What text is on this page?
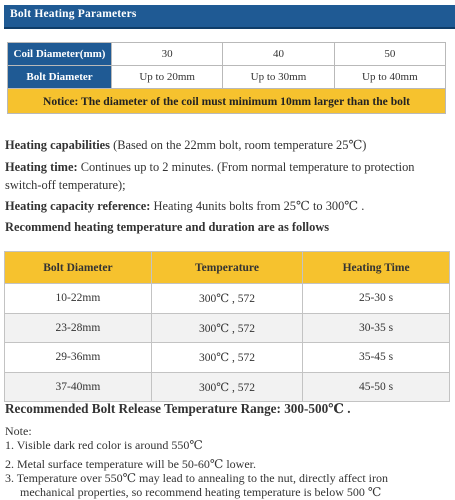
Bolt Heating Parameters
Coil Diameter(mm)	30	40	50
Bolt Diameter	Up to 20mm	Up to 30mm	Up to 40mm
Notice: The diameter of the coil must minimum 10mm larger than the bolt			
Heating capabilities (Based on the 22mm bolt, room temperature 25℃)
Heating time: Continues up to 2 minutes. (From normal temperature to protection
switch-off temperature);
Heating capacity reference: Heating 4units bolts from 25℃ to 300℃ .
Recommend heating temperature and duration are as follows
Bolt Diameter	Temperature	Heating Time
10-22mm	300℃ , 572	25-30 s
23-28mm	300℃ , 572	30-35 s
29-36mm	300℃ , 572	35-45 s
37-40mm	300℃ , 572	45-50 s
Recommended Bolt Release Temperature Range: 300-500℃ .
Note:
1. Visible dark red color is around 550℃
2. Metal surface temperature will be 50-60℃ lower.
3. Temperature over 550℃ may lead to annealing to the nut, directly affect iron
mechanical properties, so recommend heating temperature is below 500 ℃
